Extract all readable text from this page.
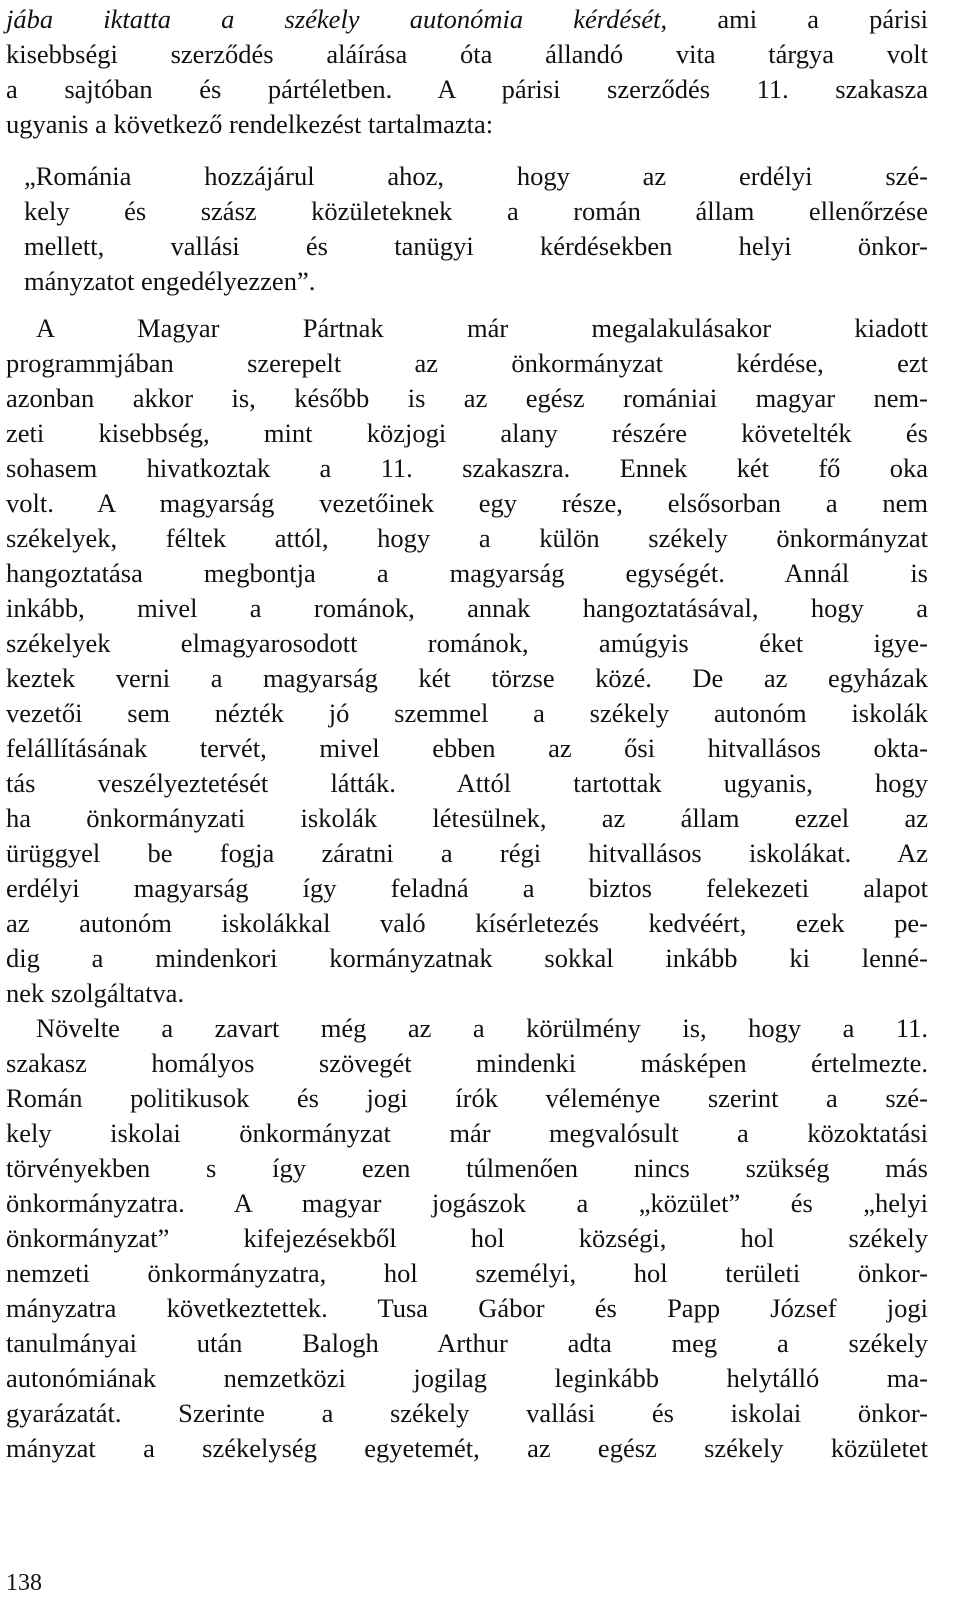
jába iktatta a székely autonómia kérdését, ami a párisi
kisebbségi szerződés aláírása óta állandó vita tárgya volt
a sajtóban és pártéletben. A párisi szerződés 11. szakasza
ugyanis a következő rendelkezést tartalmazta:
„Románia hozzájárul ahoz, hogy az erdélyi szé-
kely és szász közületeknek a román állam ellenőrzése
mellett, vallási és tanügyi kérdésekben helyi önkor-
mányzatot engedélyezzen”.
A Magyar Pártnak már megalakulásakor kiadott
programmjában szerepelt az önkormányzat kérdése, ezt
azonban akkor is, később is az egész romániai magyar nem-
zeti kisebbség, mint közjogi alany részére követelték és
sohasem hivatkoztak a 11. szakaszra. Ennek két fő oka
volt. A magyarság vezetőinek egy része, elsősorban a nem
székelyek, féltek attól, hogy a külön székely önkormányzat
hangoztatása megbontja a magyarság egységét. Annál is
inkább, mivel a románok, annak hangoztatásával, hogy a
székelyek elmagyarosodott románok, amúgyis éket igye-
keztek verni a magyarság két törzse közé. De az egyházak
vezetői sem nézték jó szemmel a székely autonóm iskolák
felállításának tervét, mivel ebben az ősi hitvallásos okta-
tás veszélyeztetését látták. Attól tartottak ugyanis, hogy
ha önkormányzati iskolák létesülnek, az állam ezzel az
ürüggyel be fogja záratni a régi hitvallásos iskolákat. Az
erdélyi magyarság így feladná a biztos felekezeti alapot
az autonóm iskolákkal való kísérletezés kedvéért, ezek pe-
dig a mindenkori kormányzatnak sokkal inkább ki lenné-
nek szolgáltatva.
Növelte a zavart még az a körülmény is, hogy a 11.
szakasz homályos szövegét mindenki másképen értelmezte.
Román politikusok és jogi írók véleménye szerint a szé-
kely iskolai önkormányzat már megvalósult a közoktatási
törvényekben s így ezen túlmenően nincs szükség más
önkormányzatra. A magyar jogászok a „közület” és „helyi
önkormányzat” kifejezésekből hol községi, hol székely
nemzeti önkormányzatra, hol személyi, hol területi önkor-
mányzatra következtettek. Tusa Gábor és Papp József jogi
tanulmányai után Balogh Arthur adta meg a székely
autonómiának nemzetközi jogilag leginkább helytálló ma-
gyarázatát. Szerinte a székely vallási és iskolai önkor-
mányzat a székelység egyetemét, az egész székely közületet
138
